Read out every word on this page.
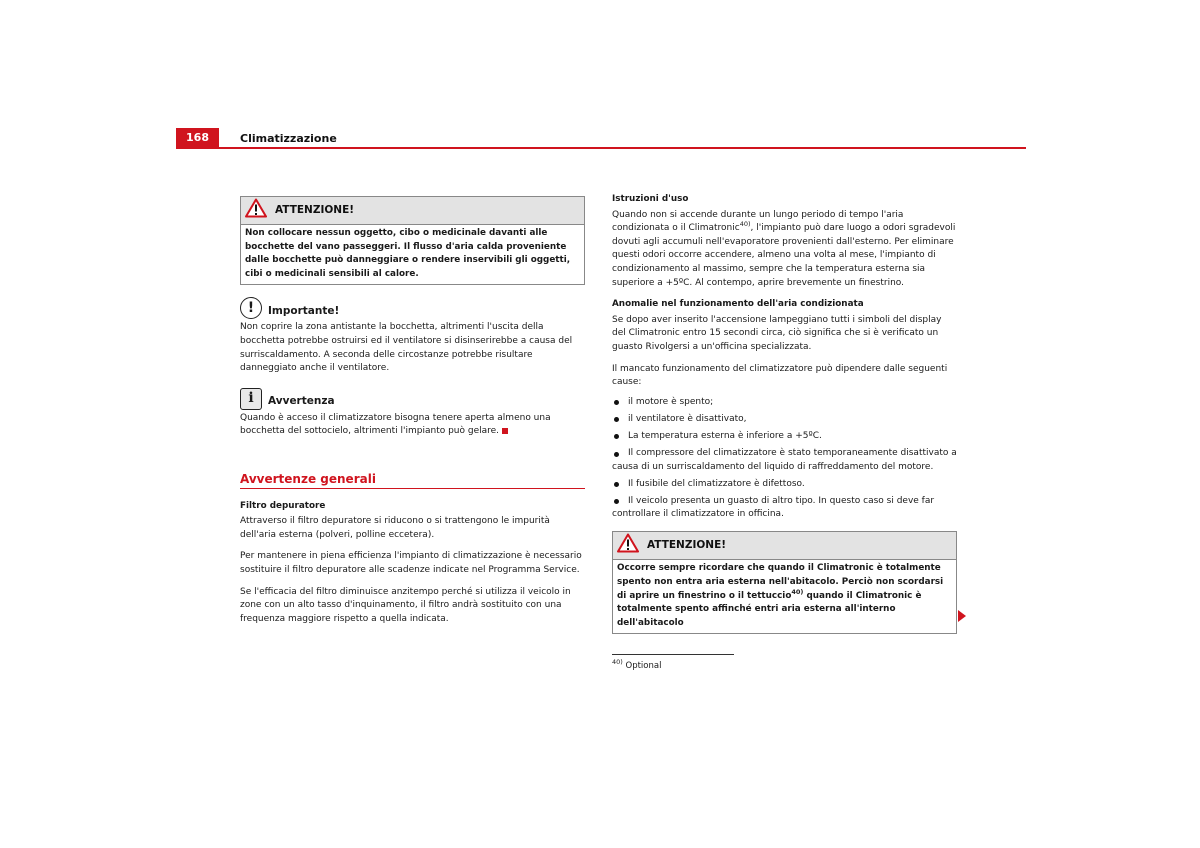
168	Climatizzazione
ATTENZIONE!
Non collocare nessun oggetto, cibo o medicinale davanti alle bocchette del vano passeggeri. Il flusso d'aria calda proveniente dalle bocchette può danneggiare o rendere inservibili gli oggetti, cibi o medicinali sensibili al calore.
!	Importante!

Non coprire la zona antistante la bocchetta, altrimenti l'uscita della bocchetta potrebbe ostruirsi ed il ventilatore si disinserirebbe a causa del surriscaldamento. A seconda delle circostanze potrebbe risultare danneggiato anche il ventilatore.

i	Avvertenza

Quando è acceso il climatizzatore bisogna tenere aperta almeno una bocchetta del sottocielo, altrimenti l'impianto può gelare.

Avvertenze generali
Filtro depuratore

Attraverso il filtro depuratore si riducono o si trattengono le impurità dell'aria esterna (polveri, polline eccetera).

Per mantenere in piena efficienza l'impianto di climatizzazione è necessario sostituire il filtro depuratore alle scadenze indicate nel Programma Service.

Se l'efficacia del filtro diminuisce anzitempo perché si utilizza il veicolo in zone con un alto tasso d'inquinamento, il filtro andrà sostituito con una frequenza maggiore rispetto a quella indicata.

Istruzioni d'uso

Quando non si accende durante un lungo periodo di tempo l'aria condizionata o il Climatronic$^{40)}$, l'impianto può dare luogo a odori sgradevoli dovuti agli accumuli nell'evaporatore provenienti dall'esterno. Per eliminare questi odori occorre accendere, almeno una volta al mese, l'impianto di condizionamento al massimo, sempre che la temperatura esterna sia superiore a +5ºC. Al contempo, aprire brevemente un finestrino.

Anomalie nel funzionamento dell'aria condizionata

Se dopo aver inserito l'accensione lampeggiano tutti i simboli del display del Climatronic entro 15 secondi circa, ciò significa che si è verificato un guasto Rivolgersi a un'officina specializzata.

Il mancato funzionamento del climatizzatore può dipendere dalle seguenti cause:

il motore è spento;
il ventilatore è disattivato,
La temperatura esterna è inferiore a +5ºC.
Il compressore del climatizzatore è stato temporaneamente disattivato a causa di un surriscaldamento del liquido di raffreddamento del motore.
Il fusibile del climatizzatore è difettoso.
Il veicolo presenta un guasto di altro tipo. In questo caso si deve far controllare il climatizzatore in officina.
ATTENZIONE!
Occorre sempre ricordare che quando il Climatronic è totalmente spento non entra aria esterna nell'abitacolo. Perciò non scordarsi di aprire un finestrino o il tettuccio$^{40)}$ quando il Climatronic è totalmente spento affinché entri aria esterna all'interno dell'abitacolo
$^{40)}$ Optional
